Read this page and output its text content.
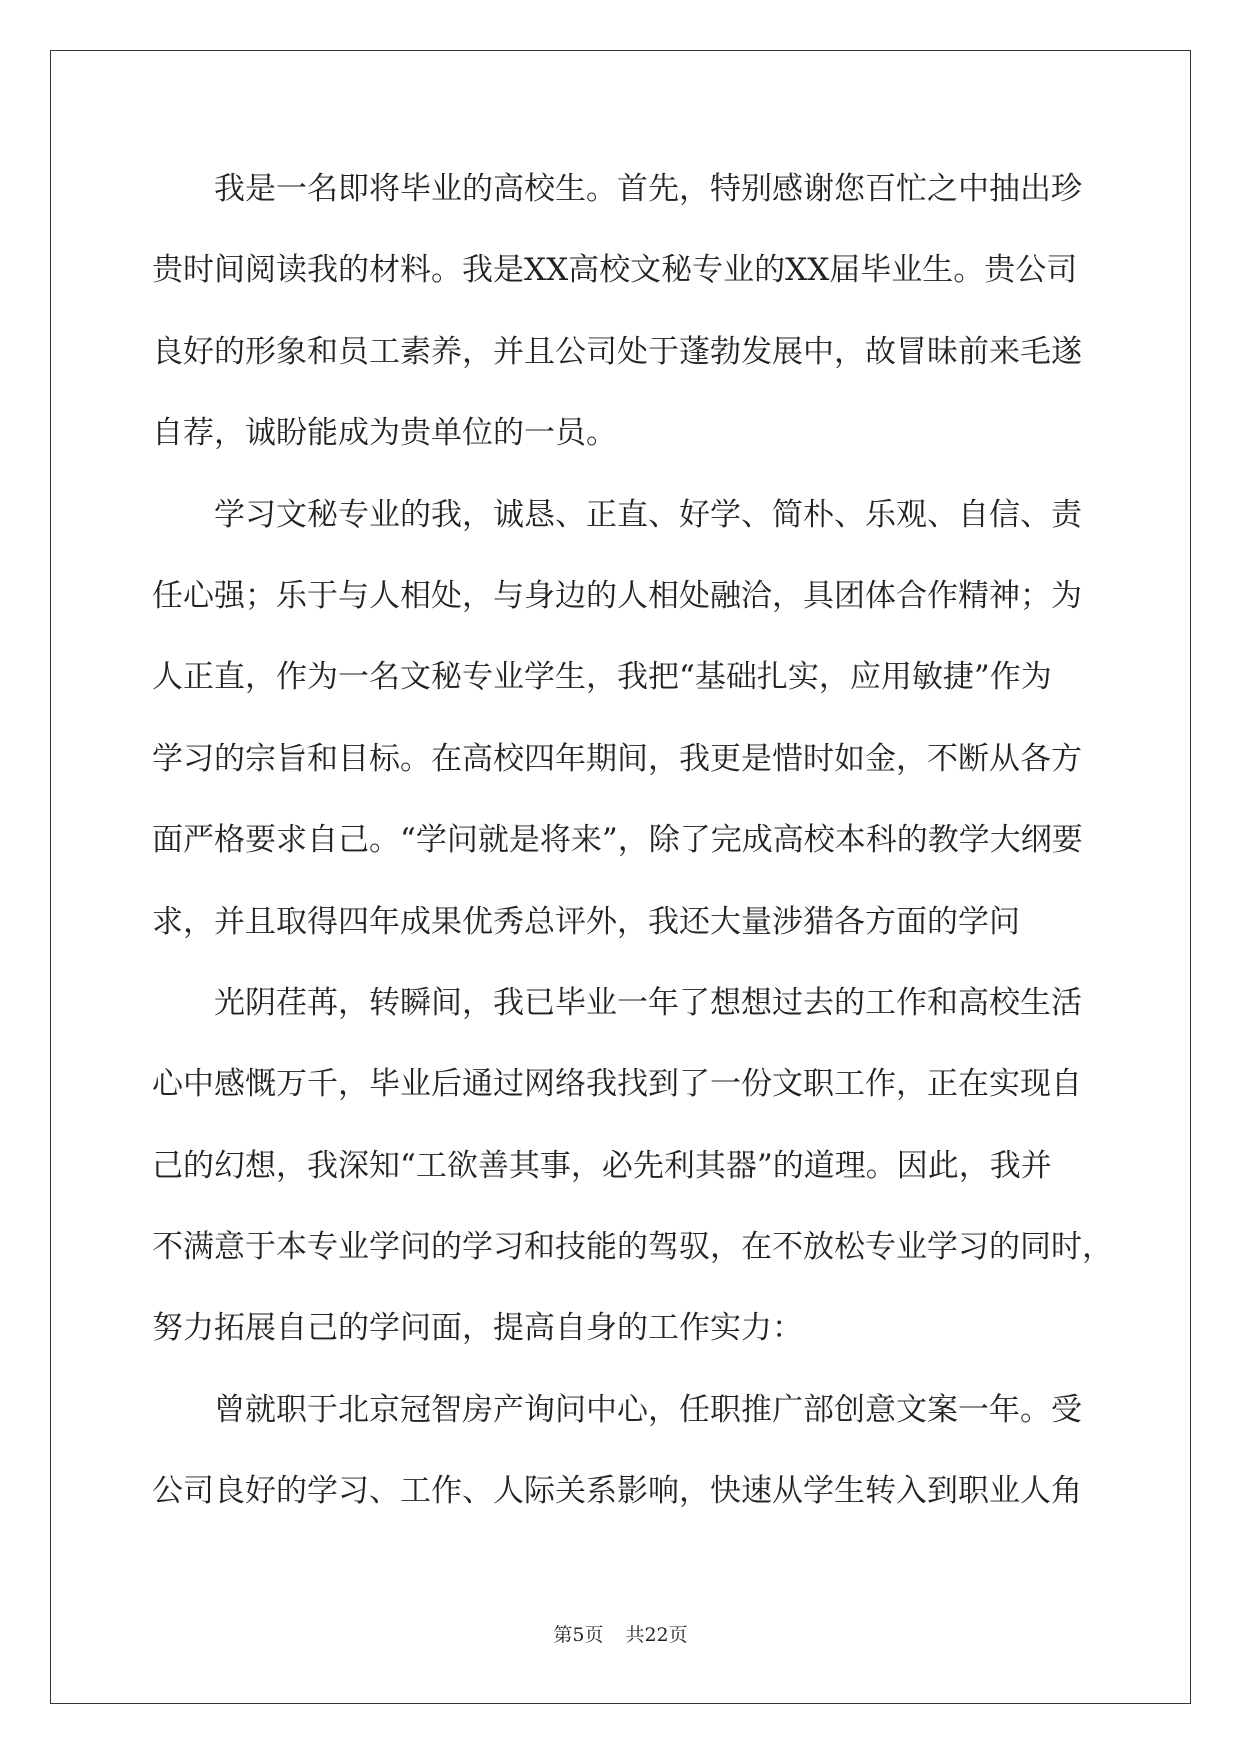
我是一名即将毕业的高校生。首先，特别感谢您百忙之中抽出珍
贵时间阅读我的材料。我是XX高校文秘专业的XX届毕业生。贵公司
良好的形象和员工素养，并且公司处于蓬勃发展中，故冒昧前来毛遂
自荐，诚盼能成为贵单位的一员。
学习文秘专业的我，诚恳、正直、好学、简朴、乐观、自信、责
任心强；乐于与人相处，与身边的人相处融洽，具团体合作精神；为
人正直，作为一名文秘专业学生，我把“基础扎实，应用敏捷”作为
学习的宗旨和目标。在高校四年期间，我更是惜时如金，不断从各方
面严格要求自己。“学问就是将来”，除了完成高校本科的教学大纲要
求，并且取得四年成果优秀总评外，我还大量涉猎各方面的学问
光阴荏苒，转瞬间，我已毕业一年了想想过去的工作和高校生活
心中感慨万千，毕业后通过网络我找到了一份文职工作，正在实现自
己的幻想，我深知“工欲善其事，必先利其器”的道理。因此，我并
不满意于本专业学问的学习和技能的驾驭，在不放松专业学习的同时，
努力拓展自己的学问面，提高自身的工作实力：
曾就职于北京冠智房产询问中心，任职推广部创意文案一年。受
公司良好的学习、工作、人际关系影响，快速从学生转入到职业人角
第5页 共22页
